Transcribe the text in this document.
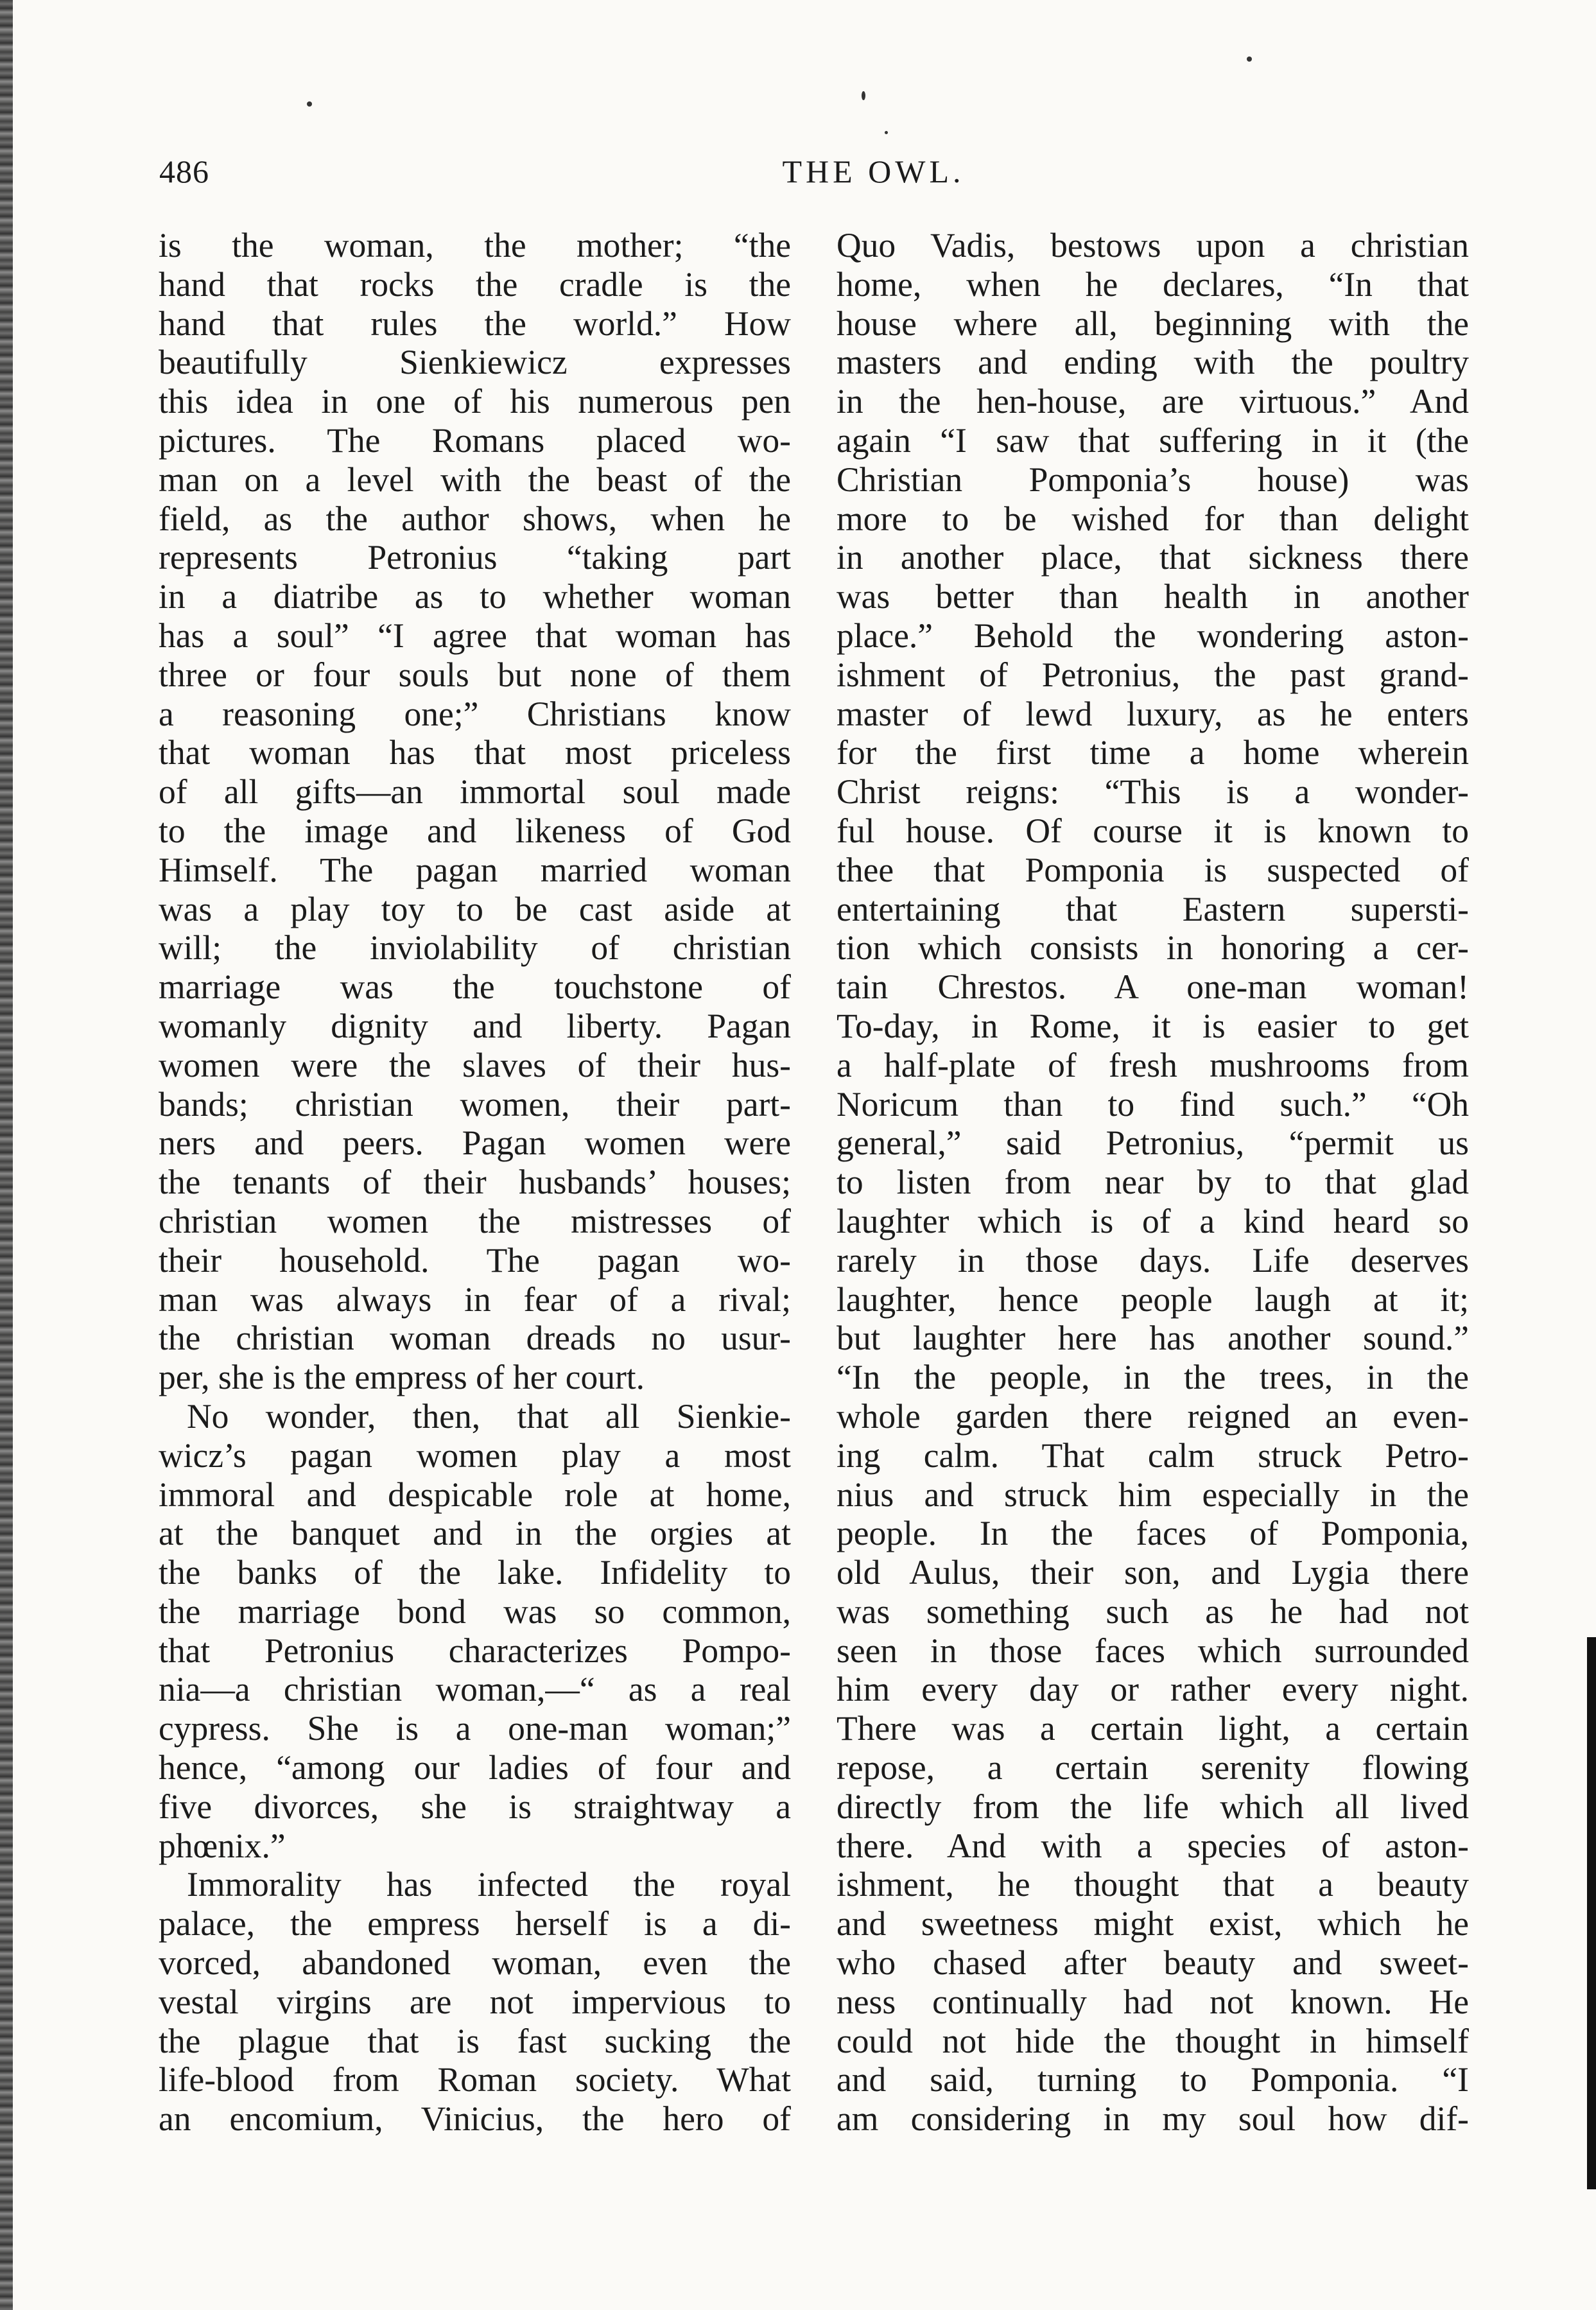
486	THE OWL.
is the woman, the mother; “the
hand that rocks the cradle is the
hand that rules the world.” How
beautifully Sienkiewicz expresses
this idea in one of his numerous pen
pictures. The Romans placed wo-
man on a level with the beast of the
field, as the author shows, when he
represents Petronius “taking part
in a diatribe as to whether woman
has a soul” “I agree that woman has
three or four souls but none of them
a reasoning one;” Christians know
that woman has that most priceless
of all gifts—an immortal soul made
to the image and likeness of God
Himself. The pagan married woman
was a play toy to be cast aside at
will; the inviolability of christian
marriage was the touchstone of
womanly dignity and liberty. Pagan
women were the slaves of their hus-
bands; christian women, their part-
ners and peers. Pagan women were
the tenants of their husbands’ houses;
christian women the mistresses of
their household. The pagan wo-
man was always in fear of a rival;
the christian woman dreads no usur-
per, she is the empress of her court.
No wonder, then, that all Sienkie-
wicz’s pagan women play a most
immoral and despicable role at home,
at the banquet and in the orgies at
the banks of the lake. Infidelity to
the marriage bond was so common,
that Petronius characterizes Pompo-
nia—a christian woman,—“ as a real
cypress. She is a one-man woman;”
hence, “among our ladies of four and
five divorces, she is straightway a
phœnix.”
Immorality has infected the royal
palace, the empress herself is a di-
vorced, abandoned woman, even the
vestal virgins are not impervious to
the plague that is fast sucking the
life-blood from Roman society. What
an encomium, Vinicius, the hero of
Quo Vadis, bestows upon a christian
home, when he declares, “In that
house where all, beginning with the
masters and ending with the poultry
in the hen-house, are virtuous.” And
again “I saw that suffering in it (the
Christian Pomponia’s house) was
more to be wished for than delight
in another place, that sickness there
was better than health in another
place.” Behold the wondering aston-
ishment of Petronius, the past grand-
master of lewd luxury, as he enters
for the first time a home wherein
Christ reigns: “This is a wonder-
ful house. Of course it is known to
thee that Pomponia is suspected of
entertaining that Eastern supersti-
tion which consists in honoring a cer-
tain Chrestos. A one-man woman!
To-day, in Rome, it is easier to get
a half-plate of fresh mushrooms from
Noricum than to find such.” “Oh
general,” said Petronius, “permit us
to listen from near by to that glad
laughter which is of a kind heard so
rarely in those days. Life deserves
laughter, hence people laugh at it;
but laughter here has another sound.”
“In the people, in the trees, in the
whole garden there reigned an even-
ing calm. That calm struck Petro-
nius and struck him especially in the
people. In the faces of Pomponia,
old Aulus, their son, and Lygia there
was something such as he had not
seen in those faces which surrounded
him every day or rather every night.
There was a certain light, a certain
repose, a certain serenity flowing
directly from the life which all lived
there. And with a species of aston-
ishment, he thought that a beauty
and sweetness might exist, which he
who chased after beauty and sweet-
ness continually had not known. He
could not hide the thought in himself
and said, turning to Pomponia. “I
am considering in my soul how dif-
